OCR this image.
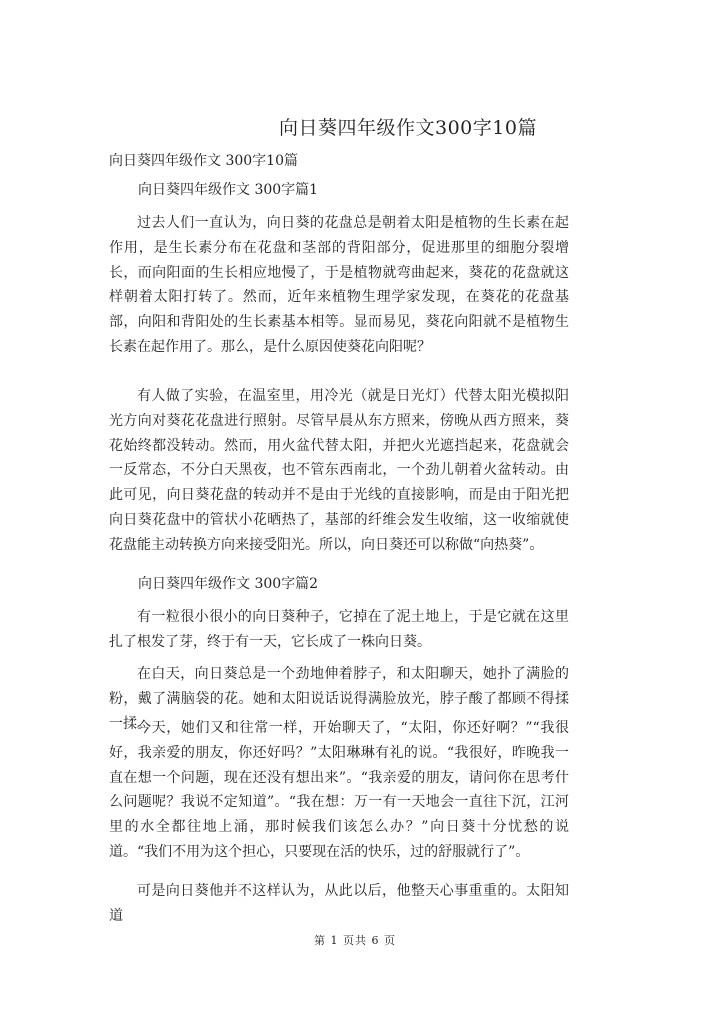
向日葵四年级作文300字10篇
向日葵四年级作文 300字10篇
向日葵四年级作文 300字篇1
过去人们一直认为，向日葵的花盘总是朝着太阳是植物的生长素在起作用，是生长素分布在花盘和茎部的背阳部分，促进那里的细胞分裂增长，而向阳面的生长相应地慢了，于是植物就弯曲起来，葵花的花盘就这样朝着太阳打转了。然而，近年来植物生理学家发现，在葵花的花盘基部，向阳和背阳处的生长素基本相等。显而易见，葵花向阳就不是植物生长素在起作用了。那么，是什么原因使葵花向阳呢？
有人做了实验，在温室里，用冷光（就是日光灯）代替太阳光模拟阳光方向对葵花花盘进行照射。尽管早晨从东方照来，傍晚从西方照来，葵花始终都没转动。然而，用火盆代替太阳，并把火光遮挡起来，花盘就会一反常态，不分白天黑夜，也不管东西南北，一个劲儿朝着火盆转动。由此可见，向日葵花盘的转动并不是由于光线的直接影响，而是由于阳光把向日葵花盘中的管状小花晒热了，基部的纤维会发生收缩，这一收缩就使花盘能主动转换方向来接受阳光。所以，向日葵还可以称做“向热葵”。
向日葵四年级作文 300字篇2
有一粒很小很小的向日葵种子，它掉在了泥土地上，于是它就在这里扎了根发了芽，终于有一天，它长成了一株向日葵。
在白天，向日葵总是一个劲地伸着脖子，和太阳聊天，她扑了满脸的粉，戴了满脑袋的花。她和太阳说话说得满脸放光，脖子酸了都顾不得揉一揉。
今天，她们又和往常一样，开始聊天了，“太阳，你还好啊？”“我很好，我亲爱的朋友，你还好吗？”太阳琳琳有礼的说。“我很好，昨晚我一直在想一个问题，现在还没有想出来”。“我亲爱的朋友，请问你在思考什么问题呢？我说不定知道”。“我在想：万一有一天地会一直往下沉，江河里的水全都往地上涌，那时候我们该怎么办？”向日葵十分忧愁的说道。“我们不用为这个担心，只要现在活的快乐，过的舒服就行了”。
可是向日葵他并不这样认为，从此以后，他整天心事重重的。太阳知道
第 1 页共 6 页
